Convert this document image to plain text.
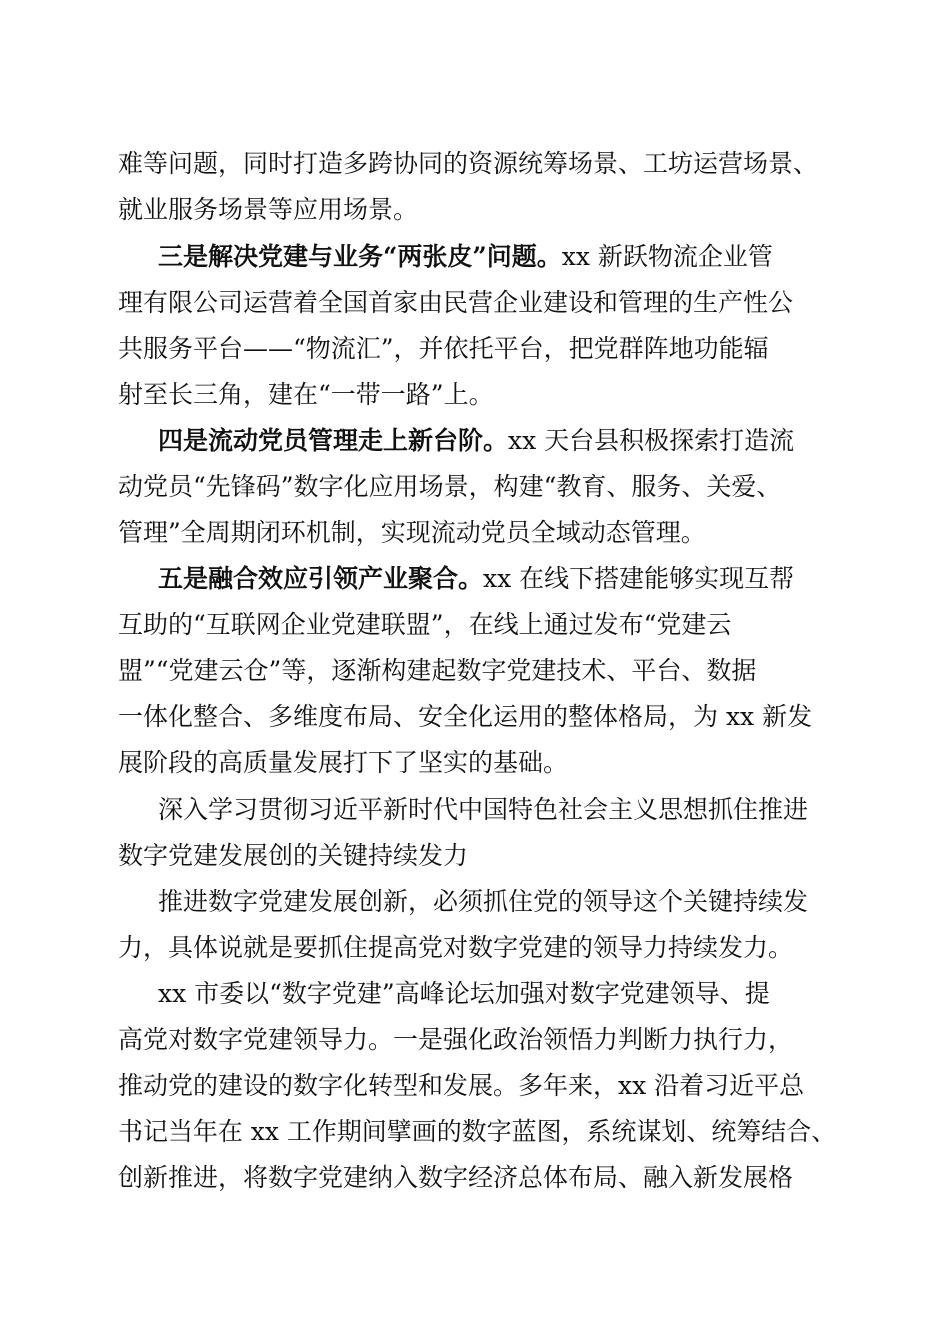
难等问题，同时打造多跨协同的资源统筹场景、工坊运营场景、
就业服务场景等应用场景。
三是解决党建与业务“两张皮”问题。xx 新跃物流企业管
理有限公司运营着全国首家由民营企业建设和管理的生产性公
共服务平台——“物流汇”，并依托平台，把党群阵地功能辐
射至长三角，建在“一带一路”上。
四是流动党员管理走上新台阶。xx 天台县积极探索打造流
动党员“先锋码”数字化应用场景，构建“教育、服务、关爱、
管理”全周期闭环机制，实现流动党员全域动态管理。
五是融合效应引领产业聚合。xx 在线下搭建能够实现互帮
互助的“互联网企业党建联盟”，在线上通过发布“党建云
盟”“党建云仓”等，逐渐构建起数字党建技术、平台、数据
一体化整合、多维度布局、安全化运用的整体格局，为 xx 新发
展阶段的高质量发展打下了坚实的基础。
深入学习贯彻习近平新时代中国特色社会主义思想抓住推进
数字党建发展创的关键持续发力
推进数字党建发展创新，必须抓住党的领导这个关键持续发
力，具体说就是要抓住提高党对数字党建的领导力持续发力。
xx 市委以“数字党建”高峰论坛加强对数字党建领导、提
高党对数字党建领导力。一是强化政治领悟力判断力执行力，
推动党的建设的数字化转型和发展。多年来，xx 沿着习近平总
书记当年在 xx 工作期间擘画的数字蓝图，系统谋划、统筹结合、
创新推进，将数字党建纳入数字经济总体布局、融入新发展格
